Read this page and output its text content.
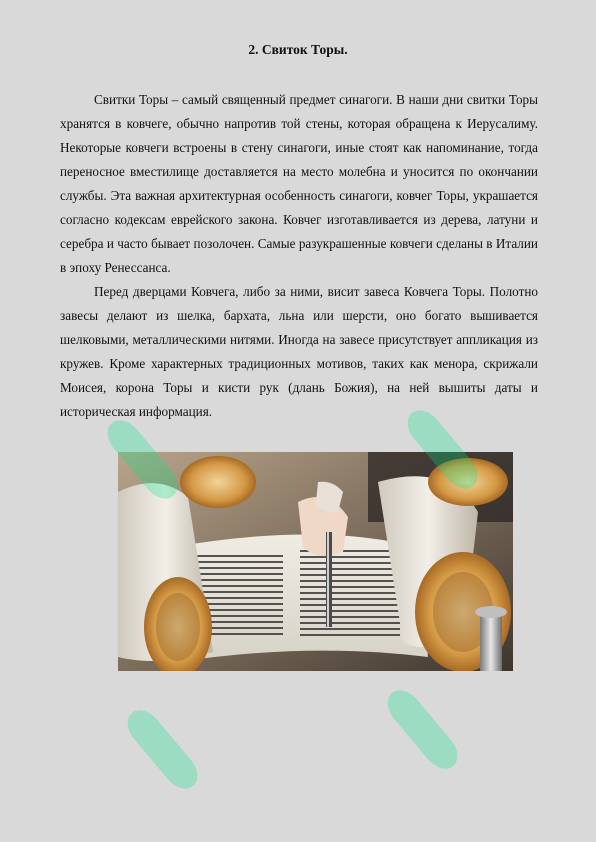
2. Свиток Торы.

Свитки Торы – самый священный предмет синагоги. В наши дни свитки Торы хранятся в ковчеге, обычно напротив той стены, которая обращена к Иерусалиму. Некоторые ковчеги встроены в стену синагоги, иные стоят как напоминание, тогда переносное вместилище доставляется на место молебна и уносится по окончании службы. Эта важная архитектурная особенность синагоги, ковчег Торы, украшается согласно кодексам еврейского закона. Ковчег изготавливается из дерева, латуни и серебра и часто бывает позолочен. Самые разукрашенные ковчеги сделаны в Италии в эпоху Ренессанса.

Перед дверцами Ковчега, либо за ними, висит завеса Ковчега Торы. Полотно завесы делают из шелка, бархата, льна или шерсти, оно богато вышивается шелковыми, металлическими нитями. Иногда на завесе присутствует аппликация из кружев. Кроме характерных традиционных мотивов, таких как менора, скрижали Моисея, корона Торы и кисти рук (длань Божия), на ней вышиты даты и историческая информация.
